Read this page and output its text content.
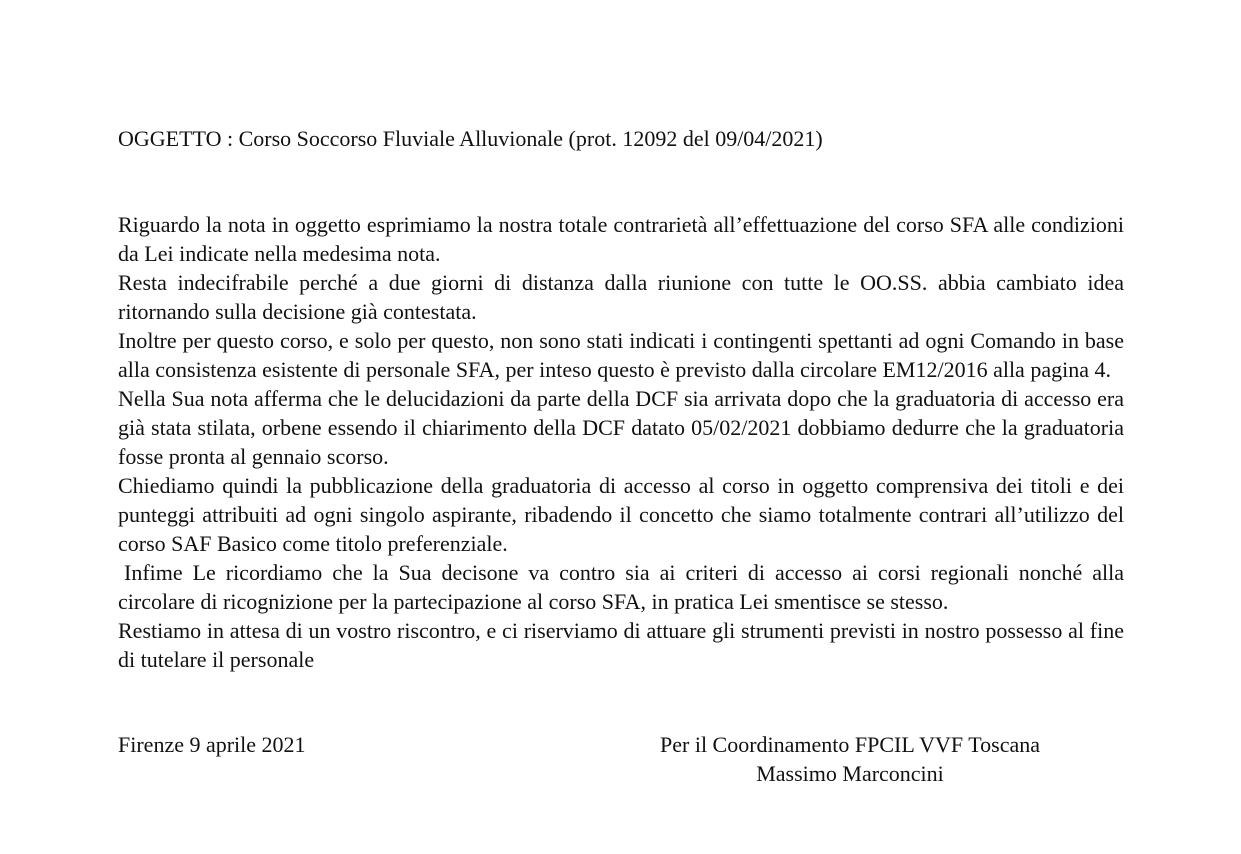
OGGETTO : Corso Soccorso Fluviale Alluvionale (prot. 12092 del 09/04/2021)

Riguardo la nota in oggetto esprimiamo la nostra totale contrarietà all’effettuazione del corso SFA alle condizioni da Lei indicate nella medesima nota.

Resta indecifrabile perché a due giorni di distanza dalla riunione con tutte le OO.SS. abbia cambiato idea ritornando sulla decisione già contestata.

Inoltre per questo corso, e solo per questo, non sono stati indicati i contingenti spettanti ad ogni Comando in base alla consistenza esistente di personale SFA, per inteso questo è previsto dalla circolare EM12/2016 alla pagina 4.

Nella Sua nota afferma che le delucidazioni da parte della DCF sia arrivata dopo che la graduatoria di accesso era già stata stilata, orbene essendo il chiarimento della DCF datato 05/02/2021 dobbiamo dedurre che la graduatoria fosse pronta al gennaio scorso.

Chiediamo quindi la pubblicazione della graduatoria di accesso al corso in oggetto comprensiva dei titoli e dei punteggi attribuiti ad ogni singolo aspirante, ribadendo il concetto che siamo totalmente contrari all’utilizzo del corso SAF Basico come titolo preferenziale.

Infime Le ricordiamo che la Sua decisone va contro sia ai criteri di accesso ai corsi regionali nonché alla circolare di ricognizione per la partecipazione al corso SFA, in pratica Lei smentisce se stesso.

Restiamo in attesa di un vostro riscontro, e ci riserviamo di attuare gli strumenti previsti in nostro possesso al fine di tutelare il personale

Firenze 9 aprile 2021	Per il Coordinamento FPCIL VVF Toscana
Massimo Marconcini
